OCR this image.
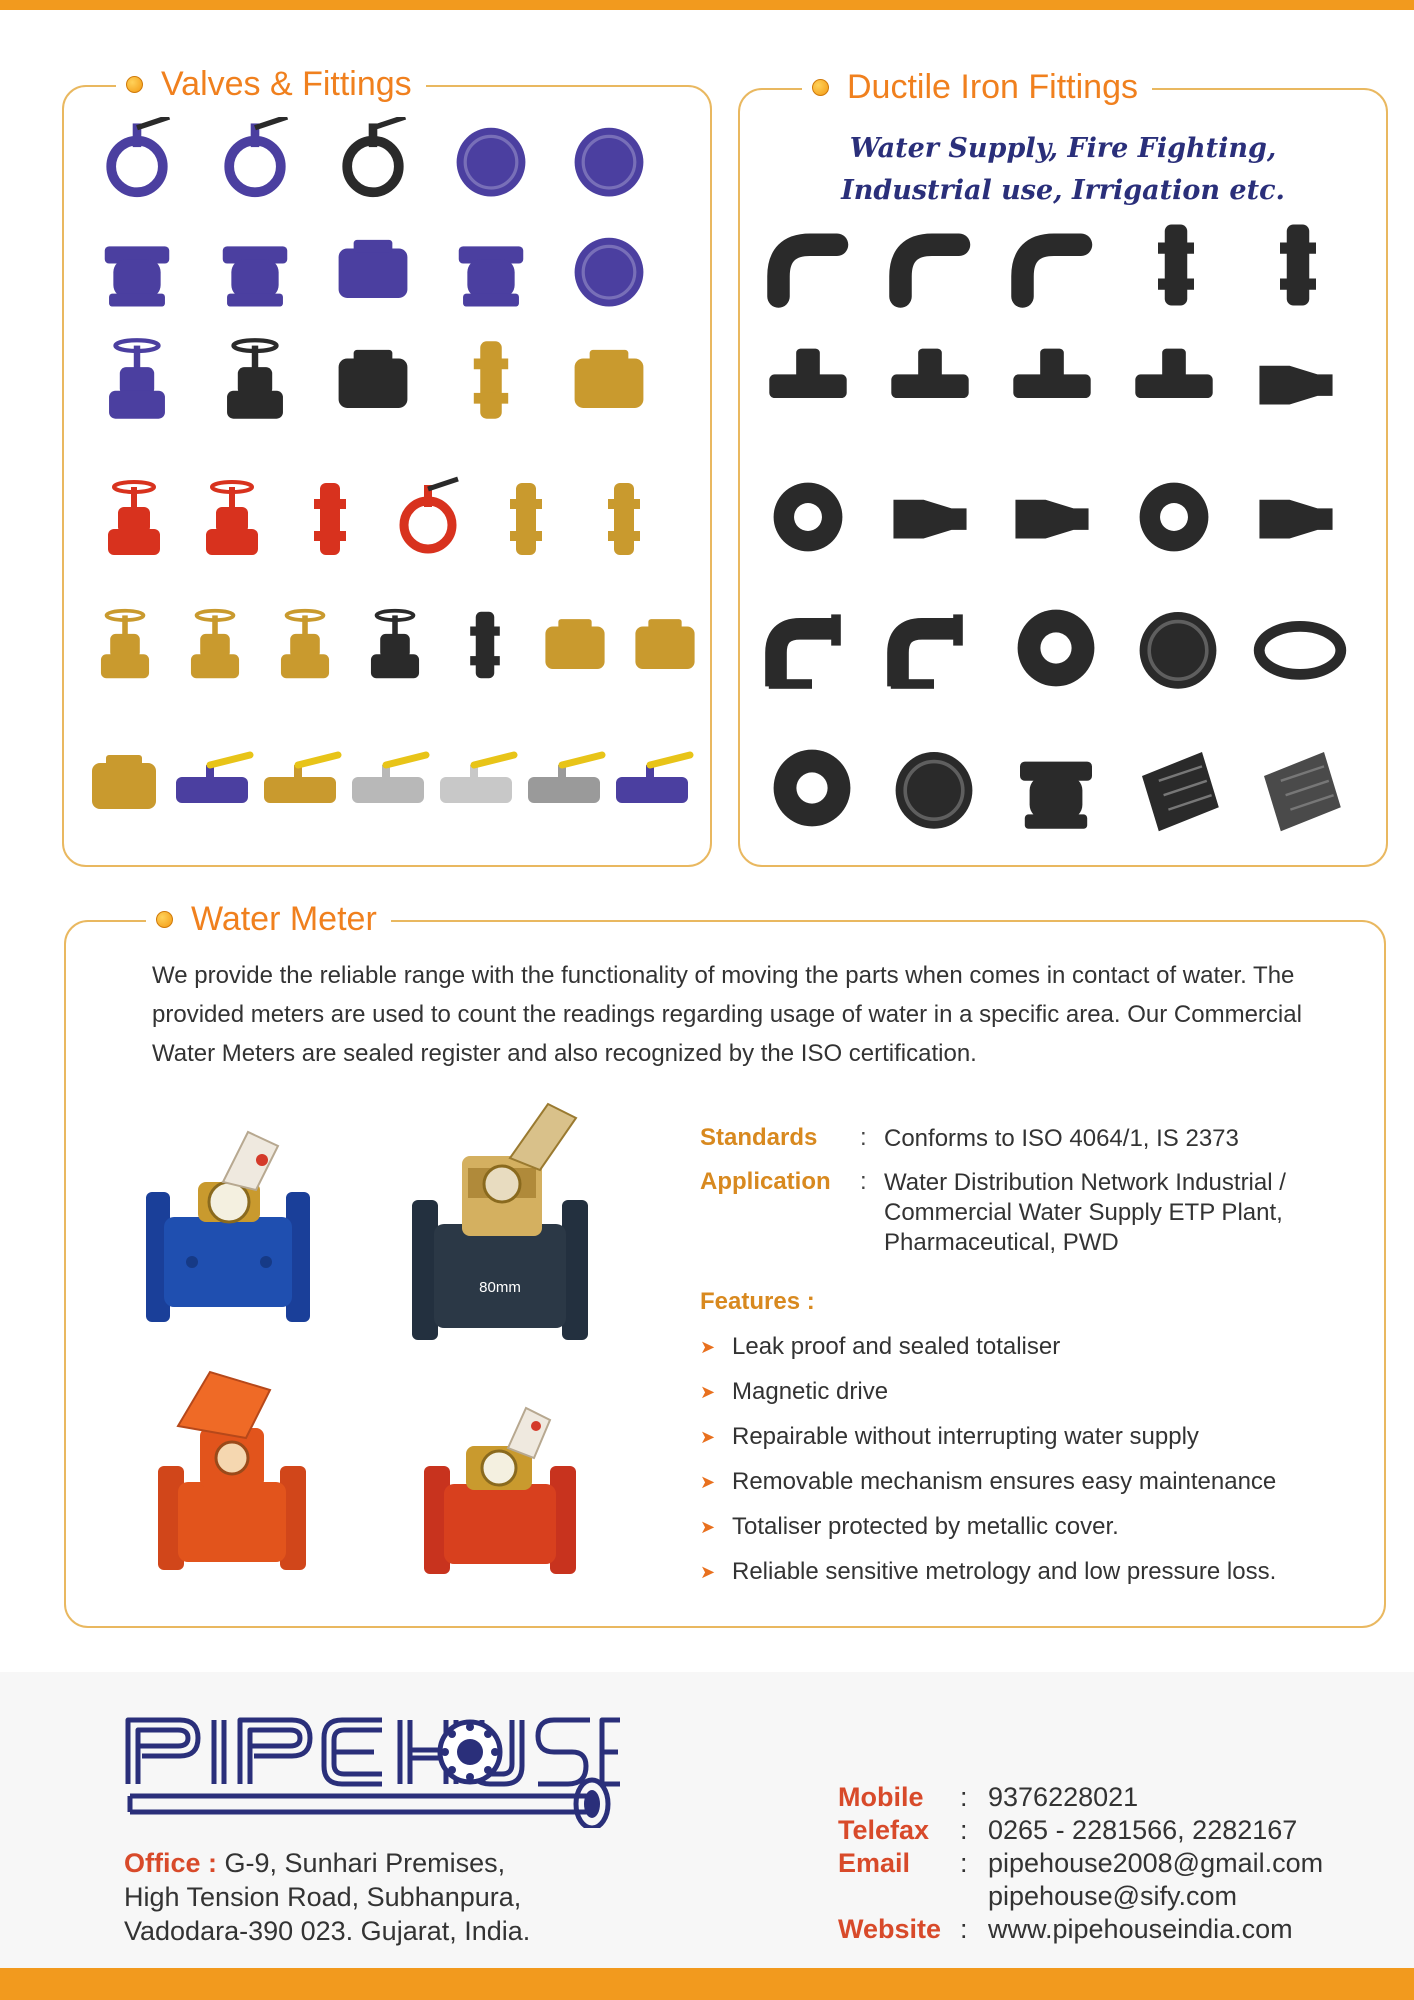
Valves & Fittings	Ductile Iron Fittings
Water Supply, Fire Fighting,
Industrial use, Irrigation etc.
Water Meter
We provide the reliable range with the functionality of moving the parts when comes in contact of water. The provided meters are used to count the readings regarding usage of water in a specific area. Our Commercial Water Meters are sealed register and also recognized by the ISO certification.
80mm
Standards : Conforms to ISO 4064/1, IS 2373
Application : Water Distribution Network Industrial /
Commercial Water Supply ETP Plant,
Pharmaceutical, PWD
Features :
➤ Leak proof and sealed totaliser
➤ Magnetic drive
➤ Repairable without interrupting water supply
➤ Removable mechanism ensures easy maintenance
➤ Totaliser protected by metallic cover.
➤ Reliable sensitive metrology and low pressure loss.
Office : G-9, Sunhari Premises,
High Tension Road, Subhanpura,
Vadodara-390 023. Gujarat, India.
Mobile : 9376228021
Telefax : 0265 - 2281566, 2282167
Email : pipehouse2008@gmail.com
pipehouse@sify.com
Website : www.pipehouseindia.com
